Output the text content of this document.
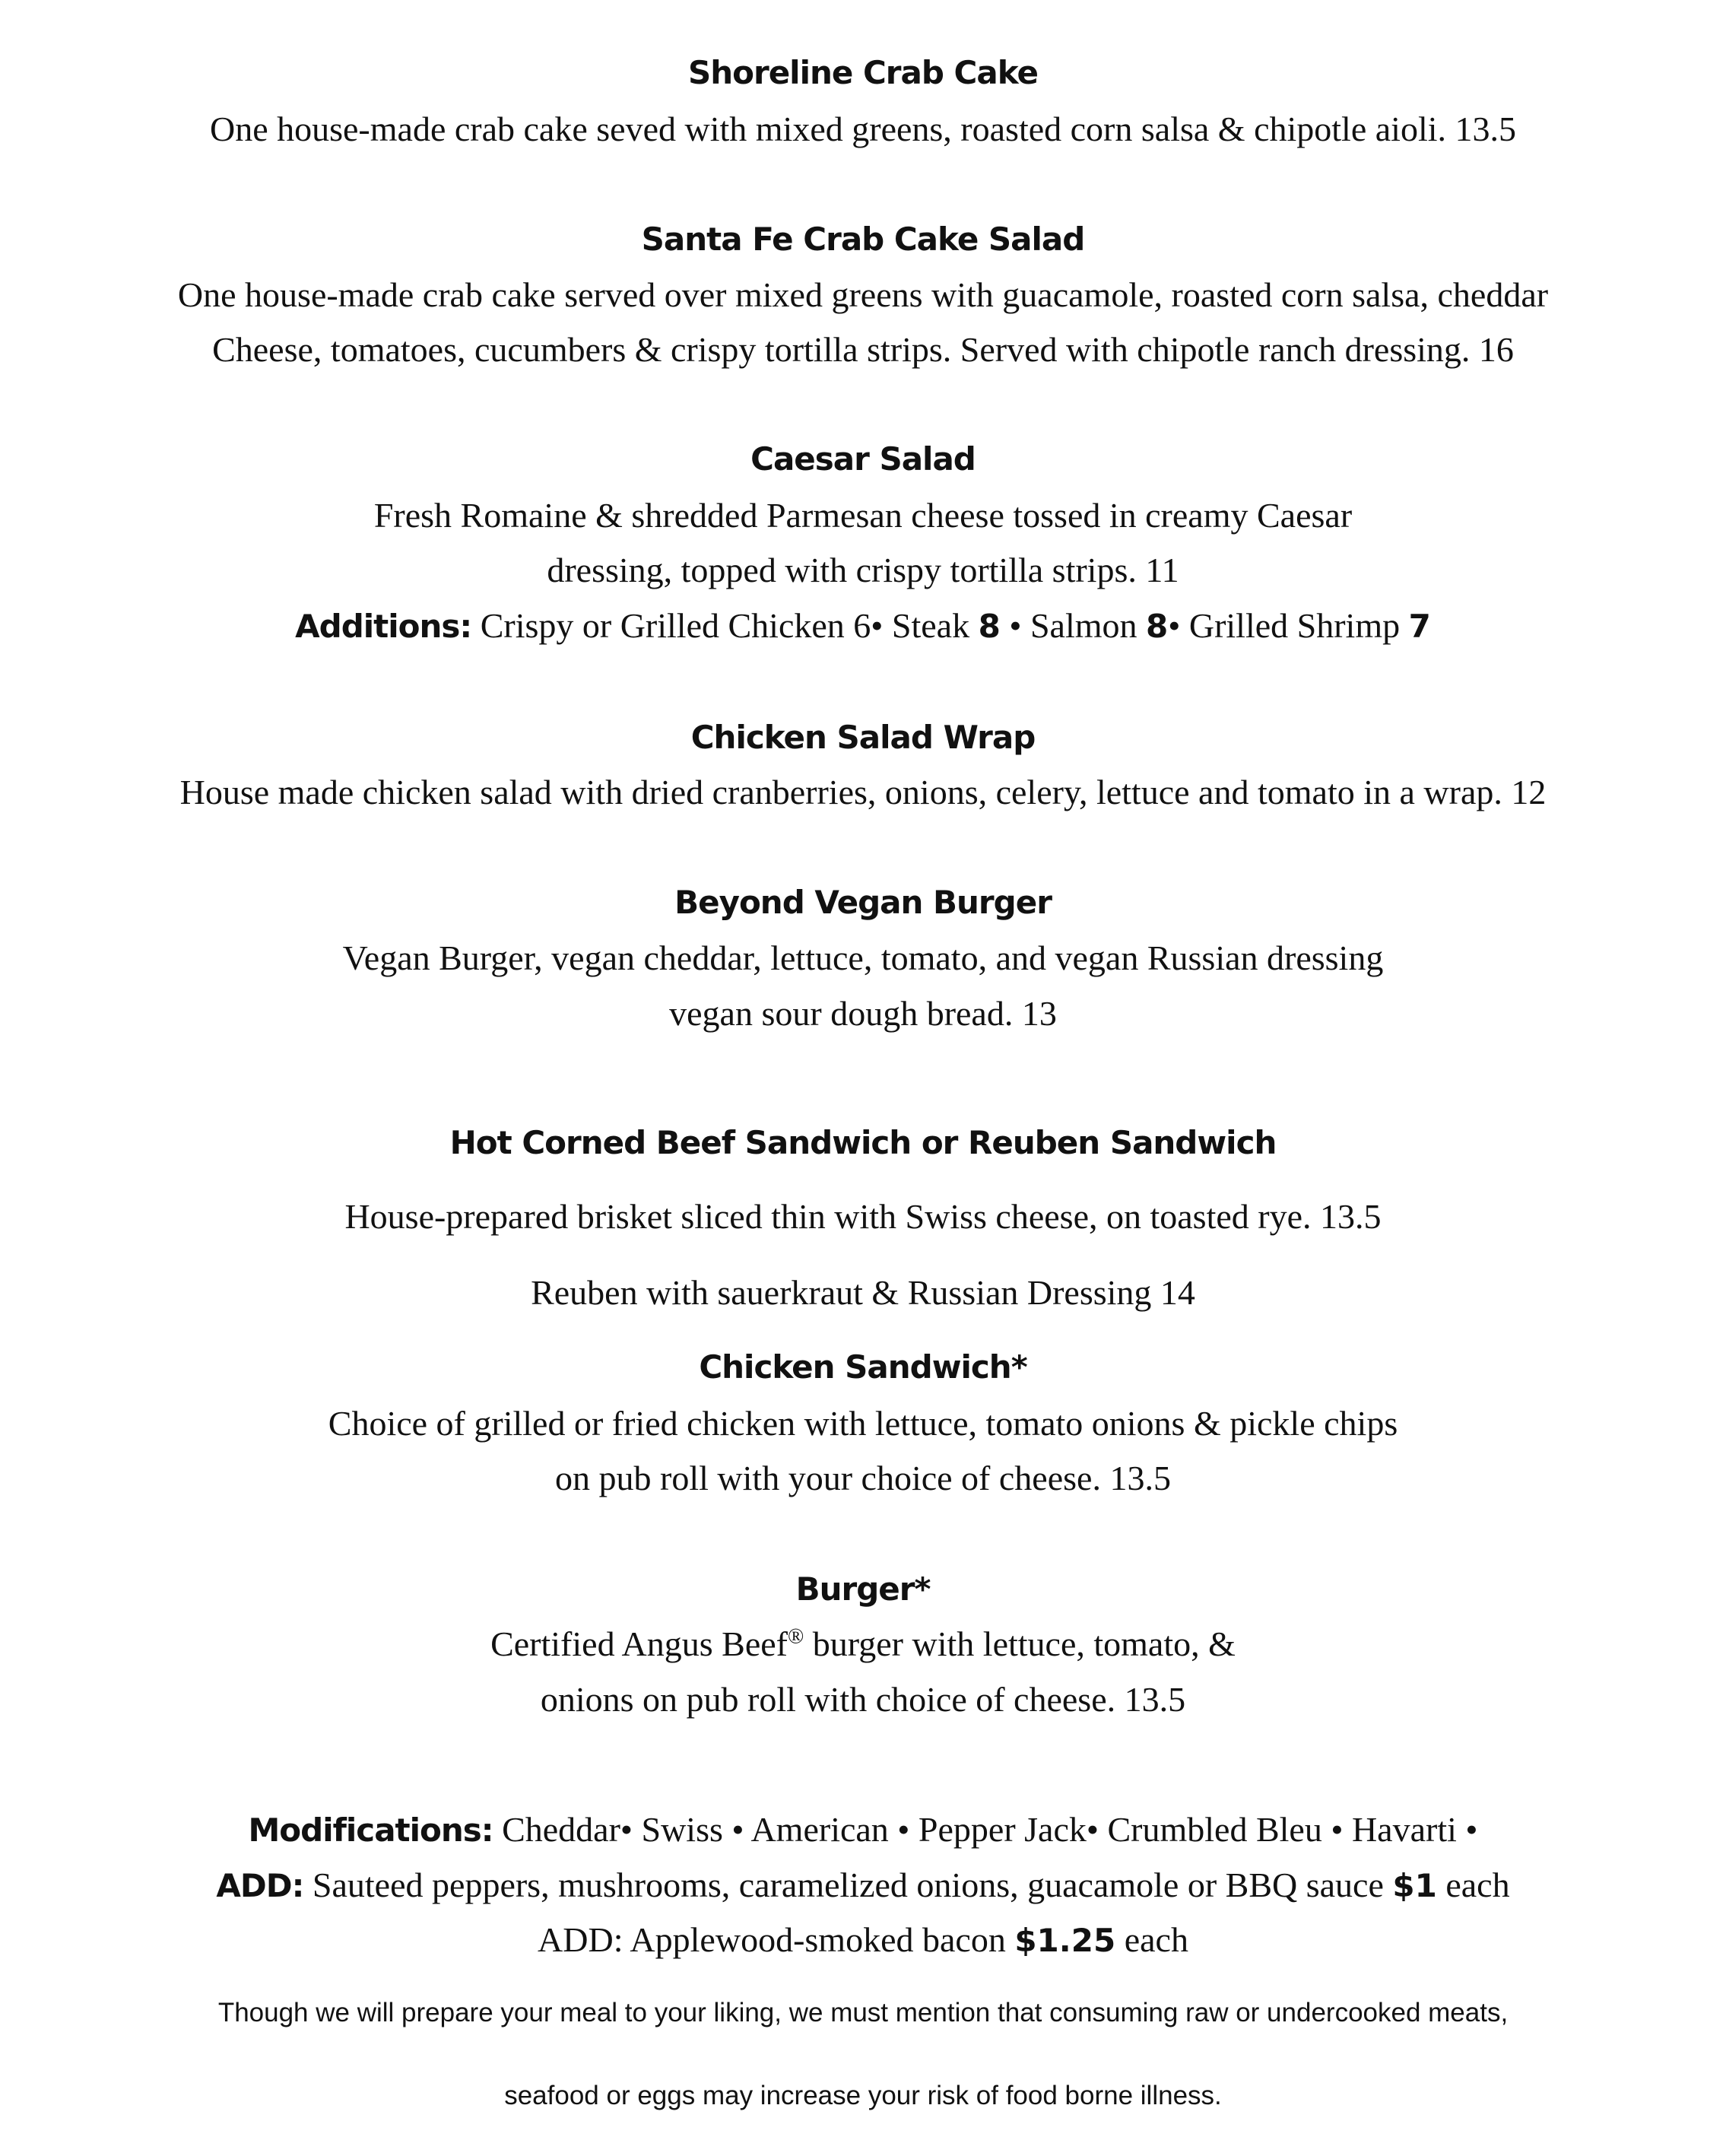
Shoreline Crab Cake
One house-made crab cake seved with mixed greens, roasted corn salsa & chipotle aioli. 13.5
Santa Fe Crab Cake Salad
One house-made crab cake served over mixed greens with guacamole, roasted corn salsa, cheddar
Cheese, tomatoes, cucumbers & crispy tortilla strips. Served with chipotle ranch dressing. 16
Caesar Salad
Fresh Romaine & shredded Parmesan cheese tossed in creamy Caesar
dressing, topped with crispy tortilla strips. 11
Additions: Crispy or Grilled Chicken 6• Steak 8 • Salmon 8• Grilled Shrimp 7
Chicken Salad Wrap
House made chicken salad with dried cranberries, onions, celery, lettuce and tomato in a wrap. 12
Beyond Vegan Burger
Vegan Burger, vegan cheddar, lettuce, tomato, and vegan Russian dressing
vegan sour dough bread. 13
Hot Corned Beef Sandwich or Reuben Sandwich
House-prepared brisket sliced thin with Swiss cheese, on toasted rye. 13.5
Reuben with sauerkraut & Russian Dressing 14
Chicken Sandwich*
Choice of grilled or fried chicken with lettuce, tomato onions & pickle chips
on pub roll with your choice of cheese. 13.5
Burger*
Certified Angus Beef® burger with lettuce, tomato, &
onions on pub roll with choice of cheese. 13.5
Modifications: Cheddar• Swiss • American • Pepper Jack• Crumbled Bleu • Havarti •
ADD: Sauteed peppers, mushrooms, caramelized onions, guacamole or BBQ sauce $1 each
ADD: Applewood-smoked bacon $1.25 each
Though we will prepare your meal to your liking, we must mention that consuming raw or undercooked meats,
seafood or eggs may increase your risk of food borne illness.
